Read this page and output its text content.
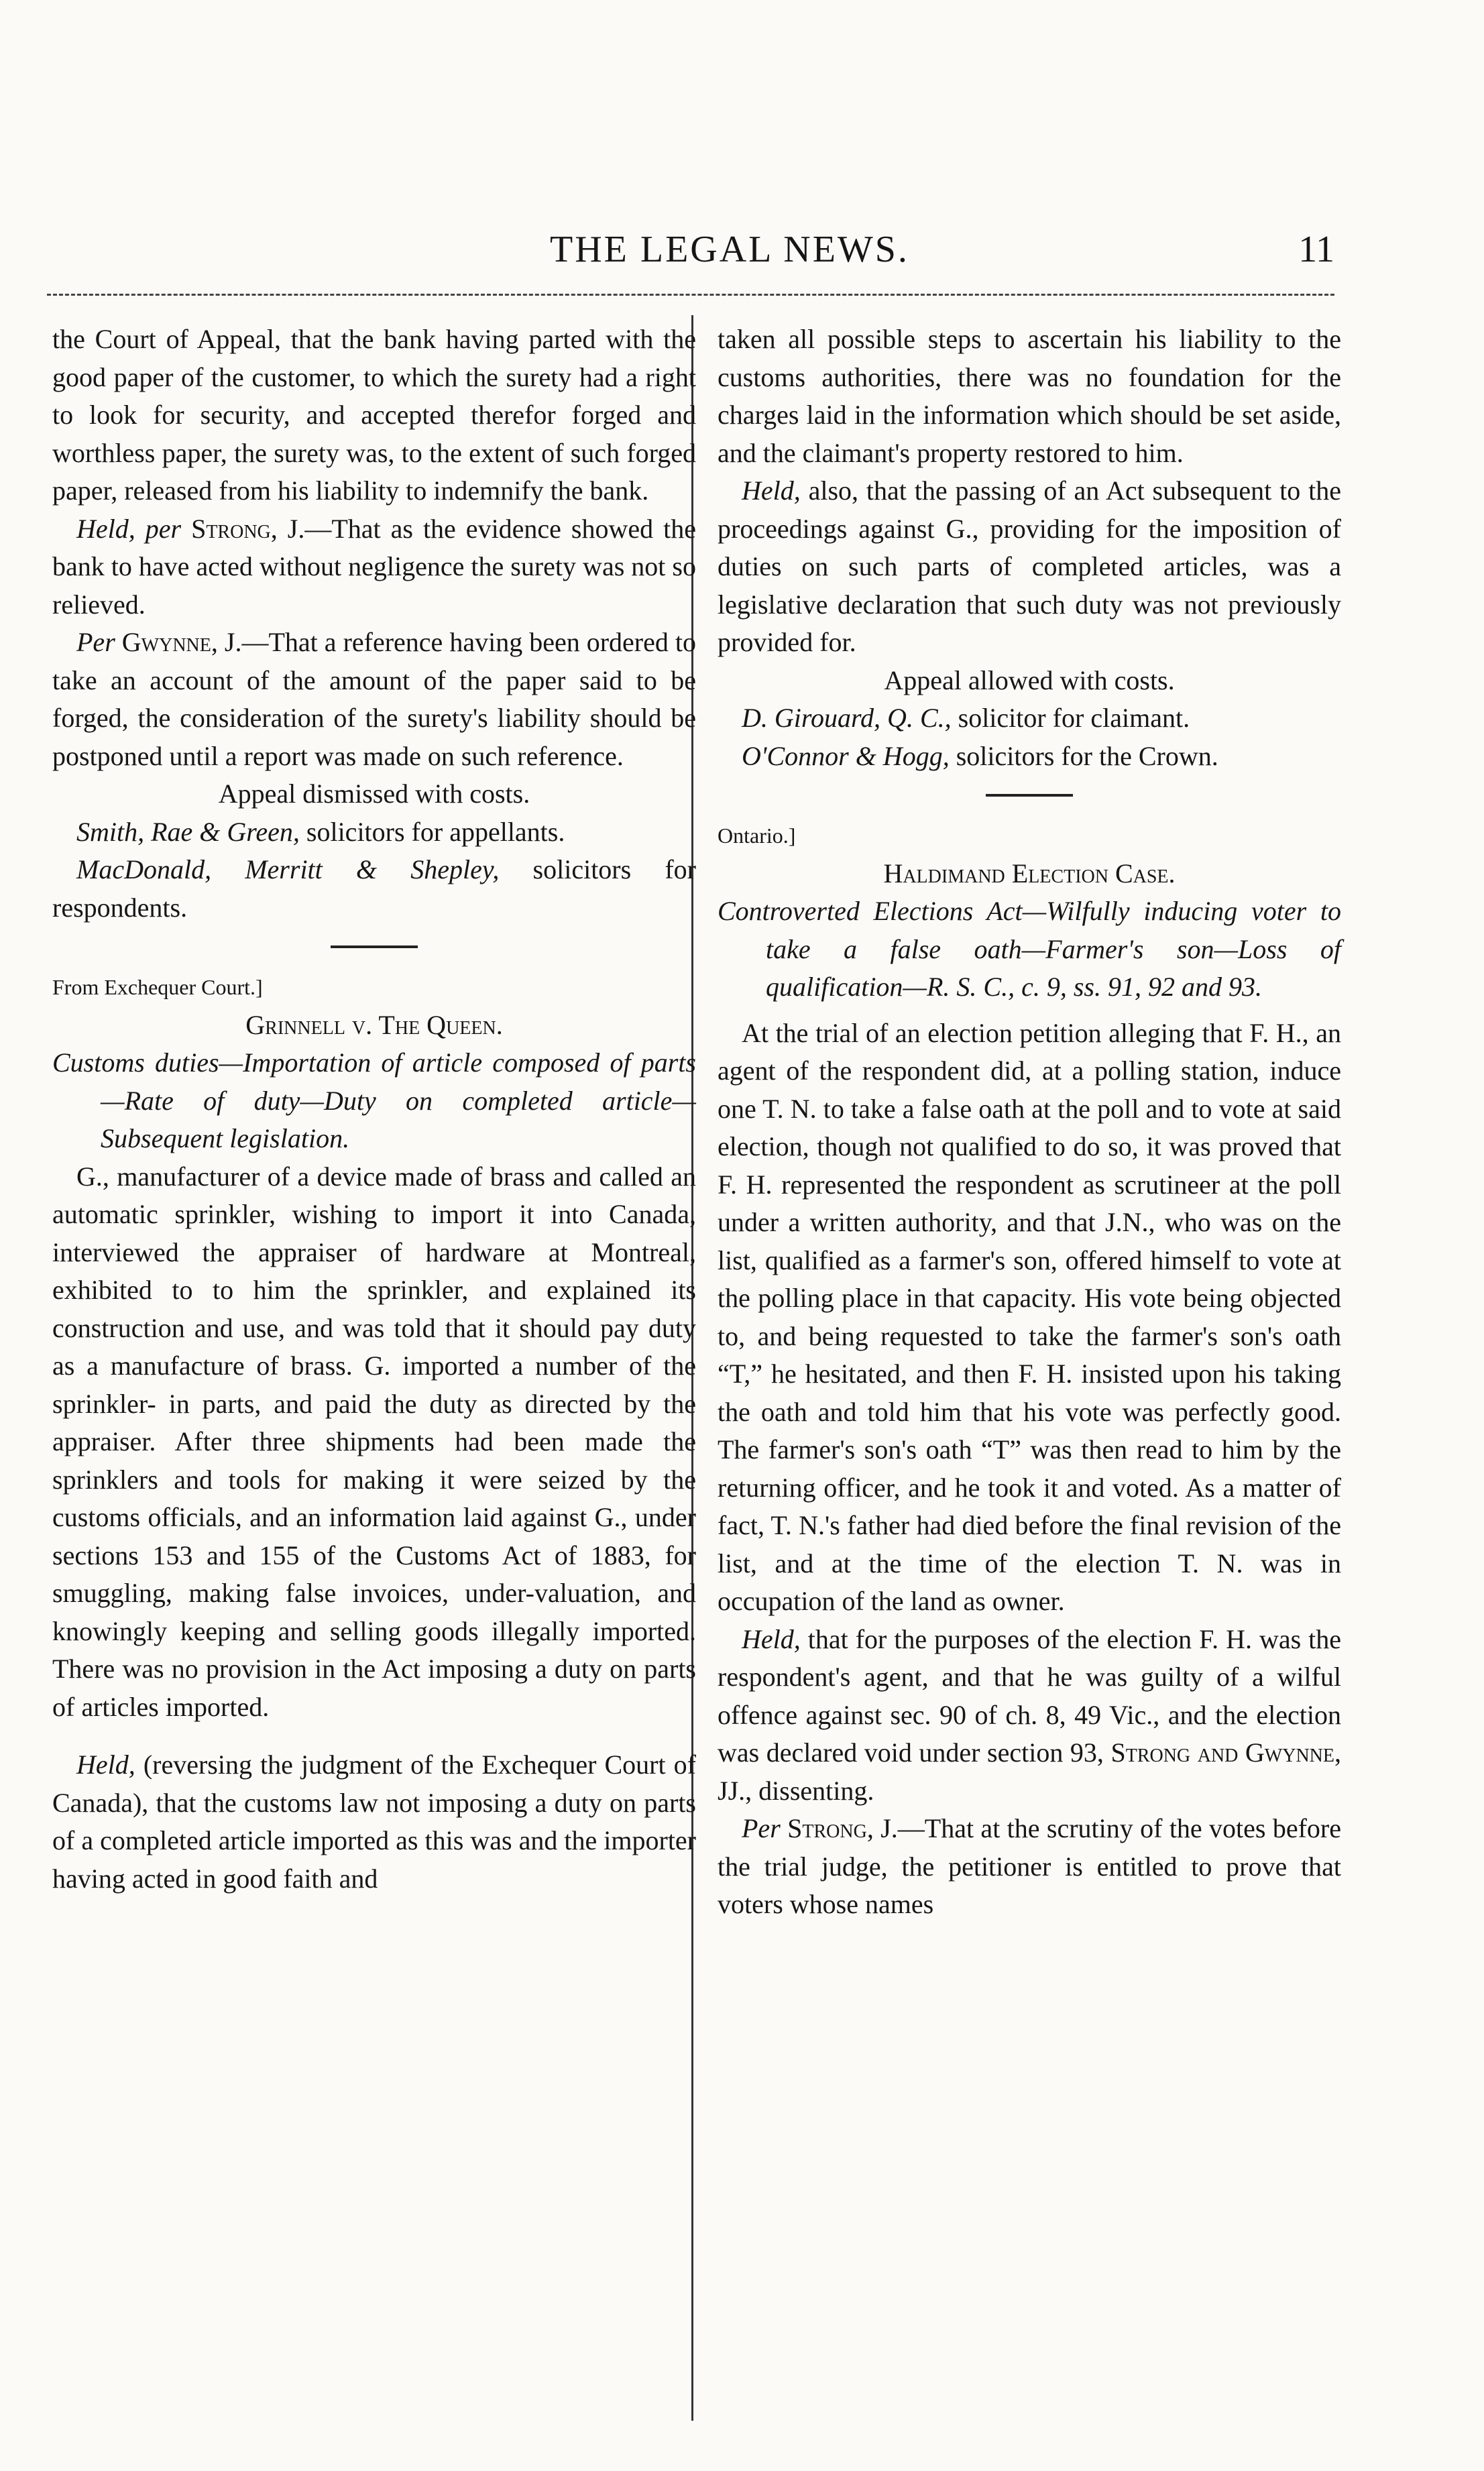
THE LEGAL NEWS.	11

the Court of Appeal, that the bank having parted with the good paper of the customer, to which the surety had a right to look for security, and accepted therefor forged and worthless paper, the surety was, to the extent of such forged paper, released from his liability to indemnify the bank.

Held, per Strong, J.—That as the evidence showed the bank to have acted without negligence the surety was not so relieved.

Per Gwynne, J.—That a reference having been ordered to take an account of the amount of the paper said to be forged, the consideration of the surety's liability should be postponed until a report was made on such reference.

Appeal dismissed with costs.

Smith, Rae & Green, solicitors for appellants.

MacDonald, Merritt & Shepley, solicitors for respondents.

From Exchequer Court.]

Grinnell v. The Queen.

Customs duties—Importation of article composed of parts—Rate of duty—Duty on completed article—Subsequent legislation.

G., manufacturer of a device made of brass and called an automatic sprinkler, wishing to import it into Canada, interviewed the appraiser of hardware at Montreal, exhibited to to him the sprinkler, and explained its construction and use, and was told that it should pay duty as a manufacture of brass. G. imported a number of the sprinkler- in parts, and paid the duty as directed by the appraiser. After three shipments had been made the sprinklers and tools for making it were seized by the customs officials, and an information laid against G., under sections 153 and 155 of the Customs Act of 1883, for smuggling, making false invoices, under-valuation, and knowingly keeping and selling goods illegally imported. There was no provision in the Act imposing a duty on parts of articles imported.

Held, (reversing the judgment of the Exchequer Court of Canada), that the customs law not imposing a duty on parts of a completed article imported as this was and the importer having acted in good faith and

taken all possible steps to ascertain his liability to the customs authorities, there was no foundation for the charges laid in the information which should be set aside, and the claimant's property restored to him.

Held, also, that the passing of an Act subsequent to the proceedings against G., providing for the imposition of duties on such parts of completed articles, was a legislative declaration that such duty was not previously provided for.

Appeal allowed with costs.

D. Girouard, Q. C., solicitor for claimant.

O'Connor & Hogg, solicitors for the Crown.

Ontario.]

Haldimand Election Case.

Controverted Elections Act—Wilfully inducing voter to take a false oath—Farmer's son—Loss of qualification—R. S. C., c. 9, ss. 91, 92 and 93.

At the trial of an election petition alleging that F. H., an agent of the respondent did, at a polling station, induce one T. N. to take a false oath at the poll and to vote at said election, though not qualified to do so, it was proved that F. H. represented the respondent as scrutineer at the poll under a written authority, and that J.N., who was on the list, qualified as a farmer's son, offered himself to vote at the polling place in that capacity. His vote being objected to, and being requested to take the farmer's son's oath “T,” he hesitated, and then F. H. insisted upon his taking the oath and told him that his vote was perfectly good. The farmer's son's oath “T” was then read to him by the returning officer, and he took it and voted. As a matter of fact, T. N.'s father had died before the final revision of the list, and at the time of the election T. N. was in occupation of the land as owner.

Held, that for the purposes of the election F. H. was the respondent's agent, and that he was guilty of a wilful offence against sec. 90 of ch. 8, 49 Vic., and the election was declared void under section 93, Strong and Gwynne, JJ., dissenting.

Per Strong, J.—That at the scrutiny of the votes before the trial judge, the petitioner is entitled to prove that voters whose names
